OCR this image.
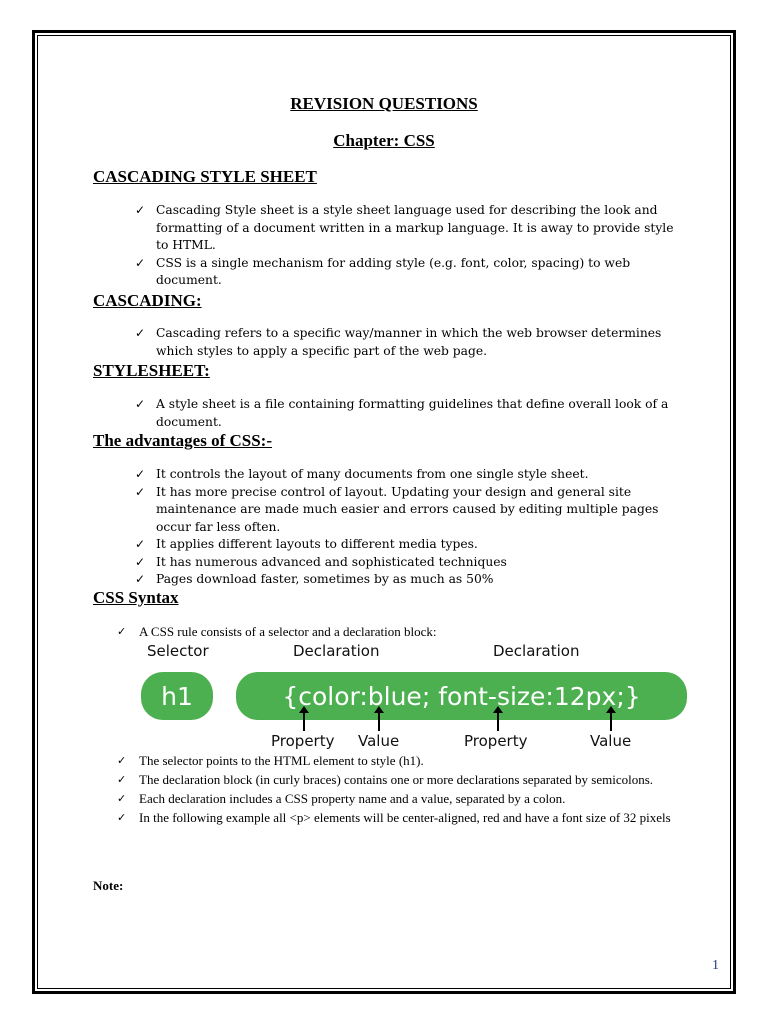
REVISION QUESTIONS
Chapter: CSS
CASCADING STYLE SHEET
✓ Cascading Style sheet is a style sheet language used for describing the look and formatting of a document written in a markup language. It is away to provide style to HTML.
✓ CSS is a single mechanism for adding style (e.g. font, color, spacing) to web document.
CASCADING:
✓ Cascading refers to a specific way/manner in which the web browser determines which styles to apply a specific part of the web page.
STYLESHEET:
✓ A style sheet is a file containing formatting guidelines that define overall look of a document.
The advantages of CSS:-
✓ It controls the layout of many documents from one single style sheet.
✓ It has more precise control of layout. Updating your design and general site maintenance are made much easier and errors caused by editing multiple pages occur far less often.
✓ It applies different layouts to different media types.
✓ It has numerous advanced and sophisticated techniques
✓ Pages download faster, sometimes by as much as 50%
CSS Syntax
✓ A CSS rule consists of a selector and a declaration block:
Selector	Declaration	Declaration
h1	{color:blue; font-size:12px;}
Property Value	Property	Value
✓ The selector points to the HTML element to style (h1).
✓ The declaration block (in curly braces) contains one or more declarations separated by semicolons.
✓ Each declaration includes a CSS property name and a value, separated by a colon.
✓ In the following example all <p> elements will be center-aligned, red and have a font size of 32 pixels
Note:
1
